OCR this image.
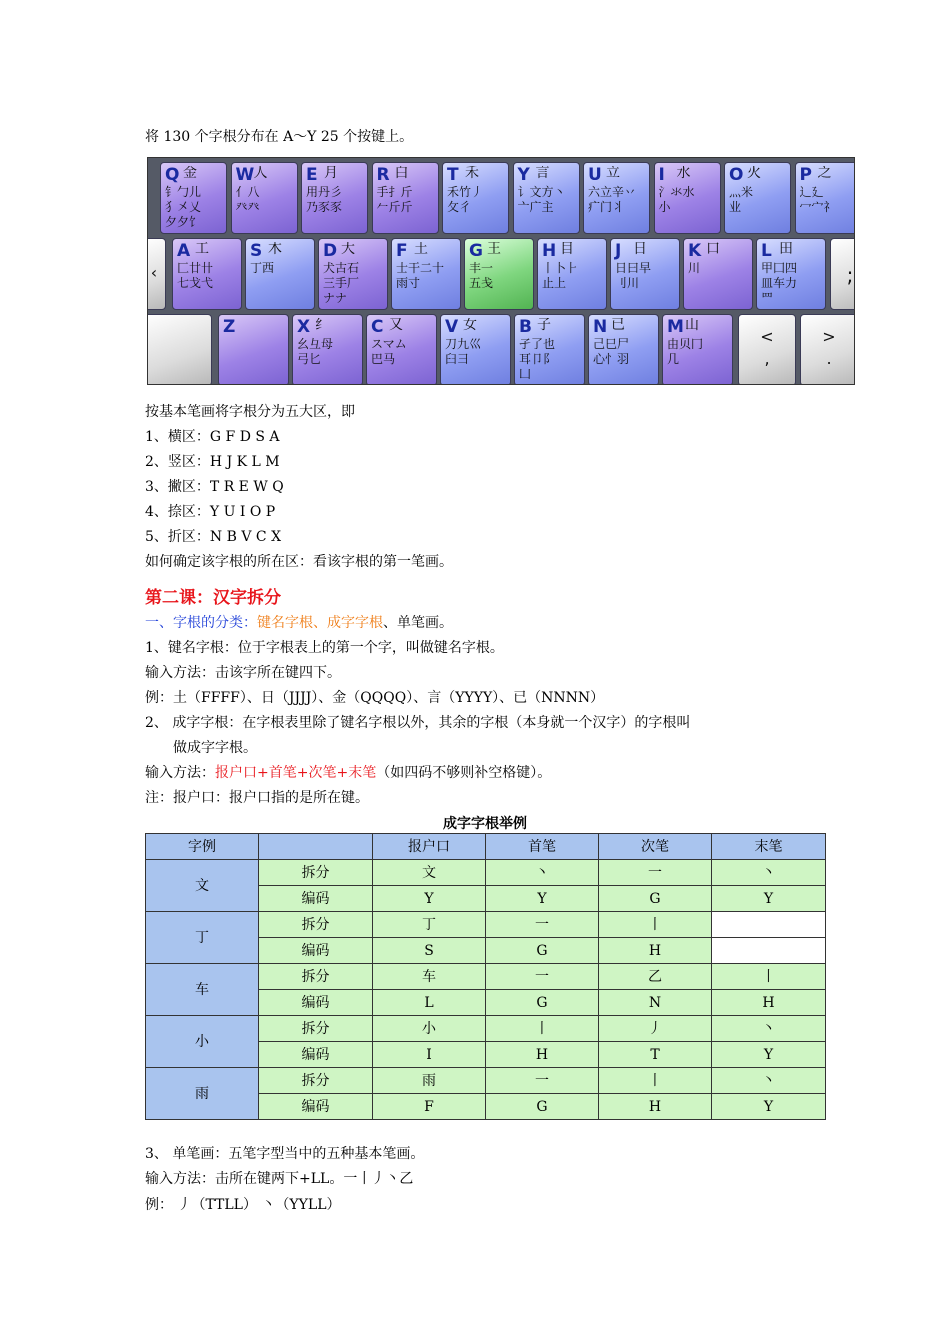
将 130 个字根分布在 A～Y 25 个按键上。
Q 金
钅勹儿
犭㐅乂
夕夕饣
W 人
亻八
癶癶
E 月
用丹彡
乃豕豕
R 白
手扌斤
𠂉斤斤
T 禾
禾竹丿
攵彳
Y 言
讠文方丶
亠广主
U 立
六立辛丷
疒门丬
I 水
氵氺水
小
O 火
灬米
业
P 之
辶廴
冖宀礻
‹
A 工
匚廿卄
七戈弋
S 木
丁西
D 大
犬古石
三手厂
ナナ
F 土
士干二十
雨寸
G 王
丰一
五戋
H 目
丨卜⺊
止上
J 日
日曰早
刂川
K 口
川
L 田
甲囗四
皿车力
罒
;
Z	X 纟
幺彑母
弓匕
C 又
スマム
巴马
V 女
刀九巛
臼彐
B 子
孑了也
耳卩阝
凵
N 已
己巳尸
心忄羽
M 山
由贝冂
几
<
,
>
.
按基本笔画将字根分为五大区，即
1、横区：G F D S A
2、竖区：H J K L M
3、撇区：T R E W Q
4、捺区：Y U I O P
5、折区：N B V C X
如何确定该字根的所在区：看该字根的第一笔画。
第二课：汉字拆分
一、字根的分类：键名字根、成字字根、单笔画。
1、键名字根：位于字根表上的第一个字，叫做键名字根。
输入方法：击该字所在键四下。
例：土（FFFF）、日（JJJJ）、金（QQQQ）、言（YYYY）、已（NNNN）
2、 成字字根：在字根表里除了键名字根以外，其余的字根（本身就一个汉字）的字根叫
做成字字根。
输入方法：报户口+首笔+次笔+末笔（如四码不够则补空格键）。
注：报户口：报户口指的是所在键。
成字字根举例
字例		报户口	首笔	次笔	末笔
文	拆分	文	丶	一	丶
	编码	Y	Y	G	Y
丁	拆分	丁	一	丨	
	编码	S	G	H	
车	拆分	车	一	乙	丨
	编码	L	G	N	H
小	拆分	小	丨	丿	丶
	编码	I	H	T	Y
雨	拆分	雨	一	丨	丶
	编码	F	G	H	Y
3、 单笔画：五笔字型当中的五种基本笔画。
输入方法：击所在键两下+LL。一丨丿丶乙
例： 丿（TTLL） 丶（YYLL）
